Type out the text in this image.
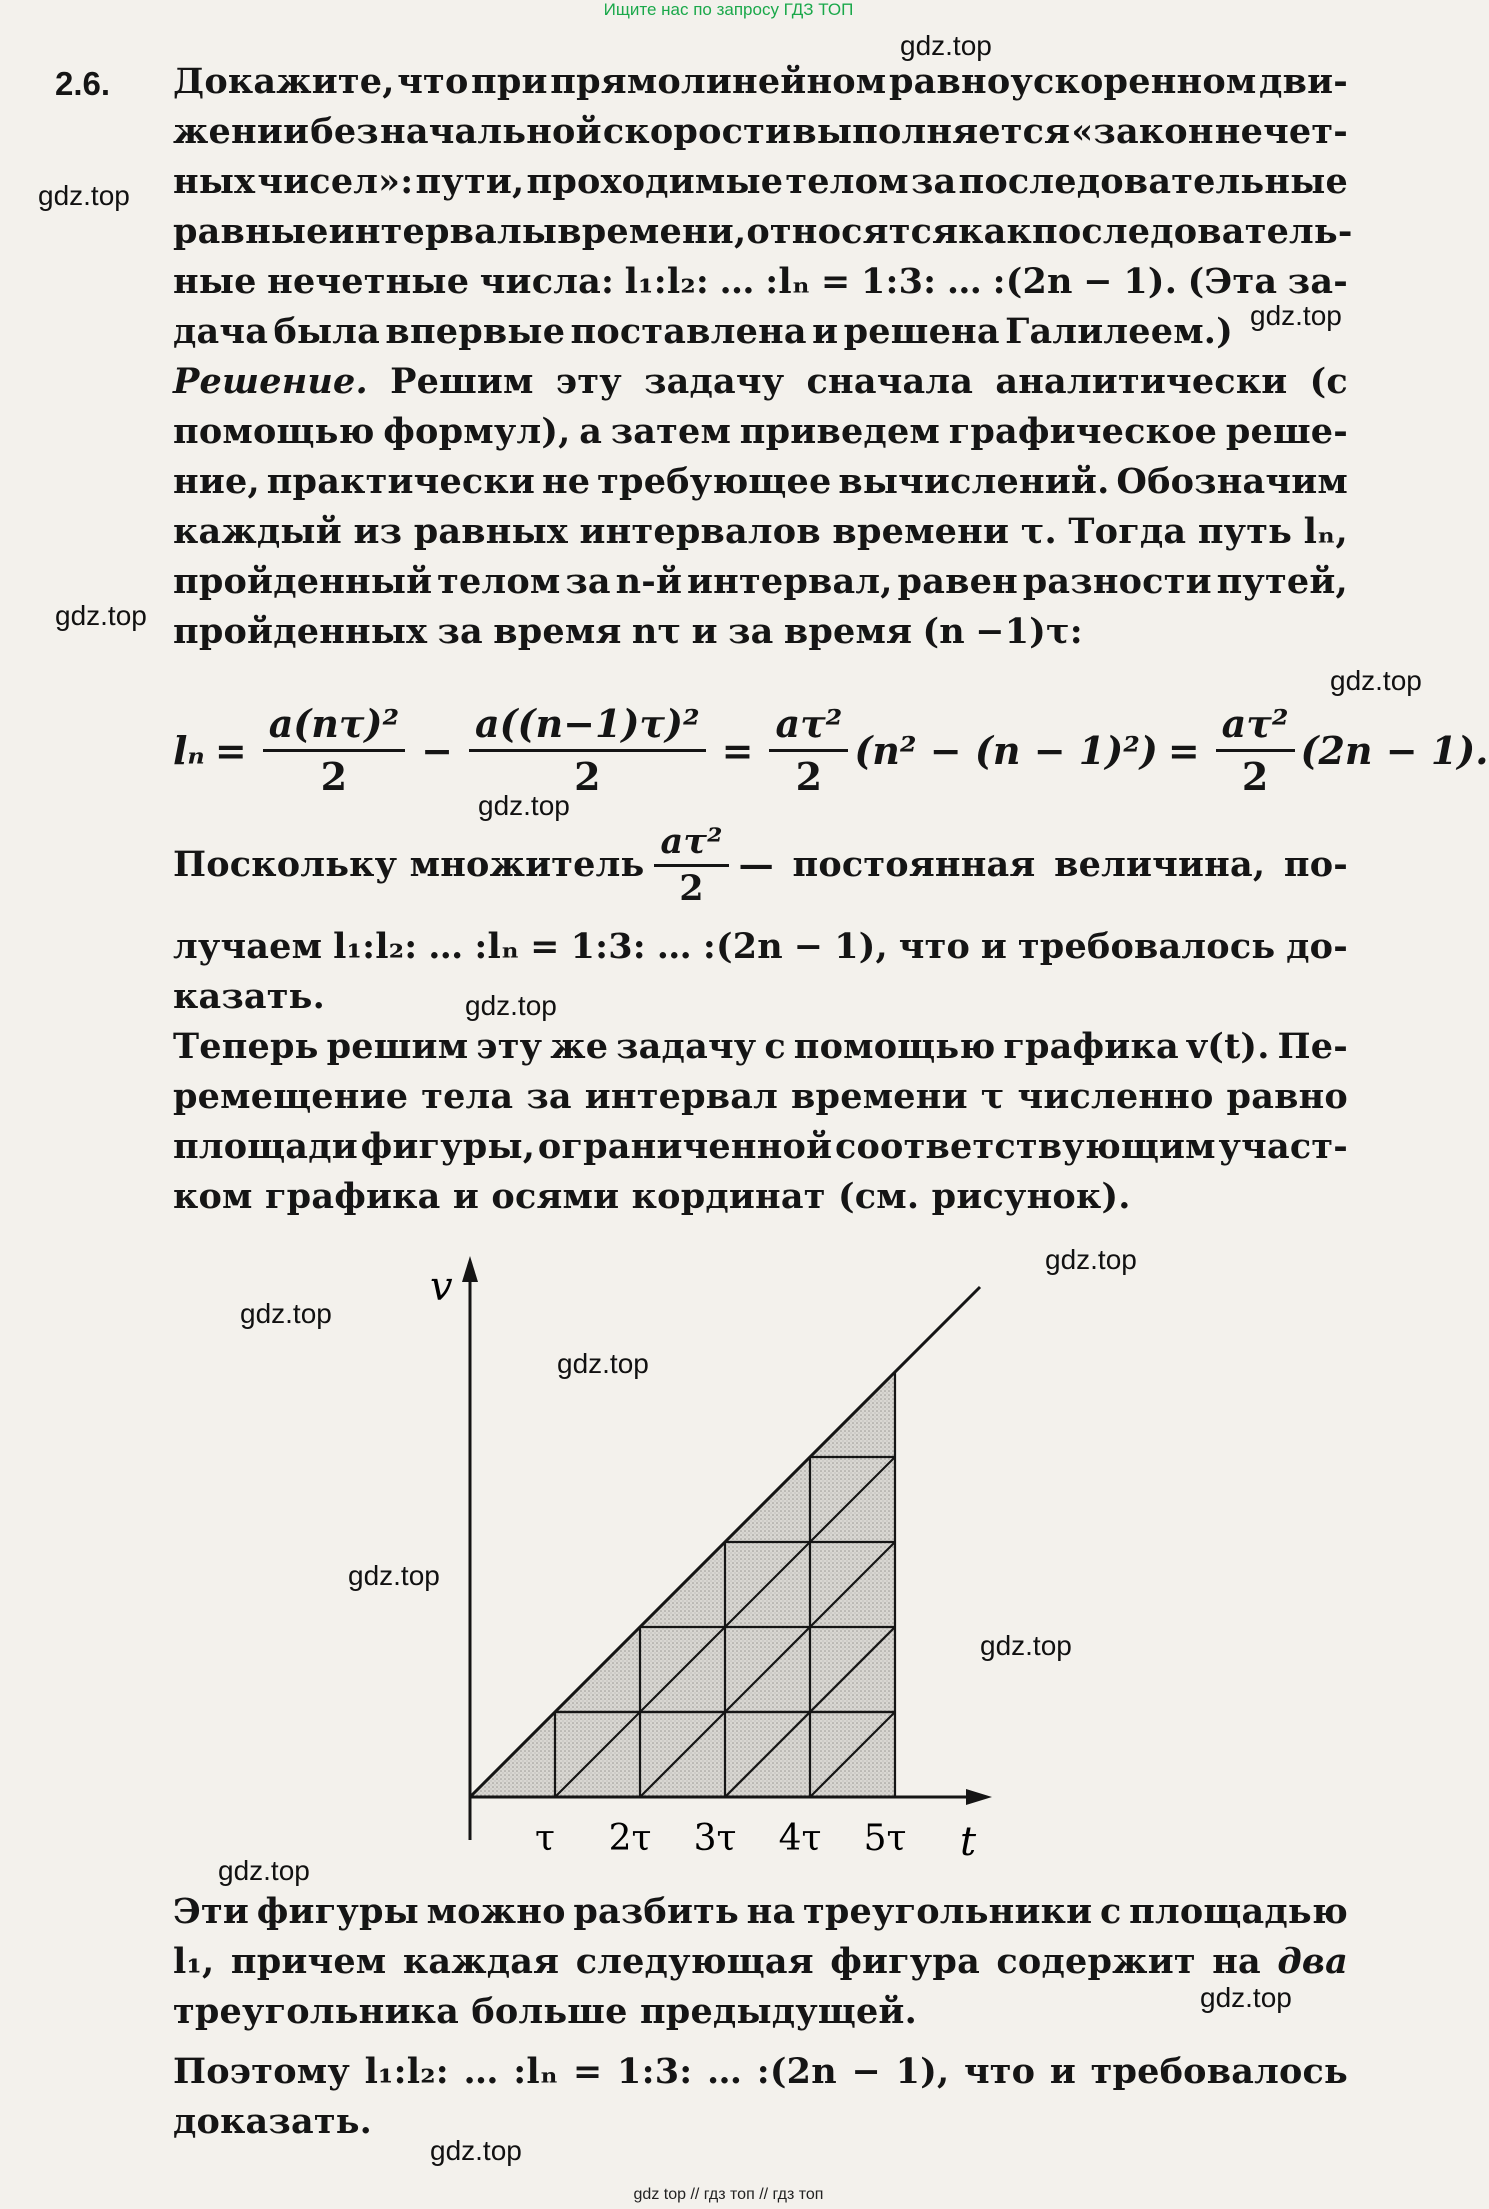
Ищите нас по запросу ГДЗ ТОП
gdz.top
gdz.top
gdz.top
gdz.top
gdz.top
gdz.top
gdz.top
gdz.top
gdz.top
gdz.top
gdz.top
gdz.top
gdz.top
gdz.top
gdz.top
2.6. Докажите, что при прямолинейном равноускоренном дви-
жении без начальной скорости выполняется «закон нечет-
ных чисел»: пути, проходимые телом за последовательные
равные интервалы времени, относятся как последователь-
ные нечетные числа: l₁:l₂: … :lₙ = 1:3: … :(2n − 1). (Эта за-
дача была впервые поставлена и решена Галилеем.)
Решение. Решим эту задачу сначала аналитически (с
помощью формул), а затем приведем графическое реше-
ние, практически не требующее вычислений. Обозначим
каждый из равных интервалов времени τ. Тогда путь lₙ,
пройденный телом за n-й интервал, равен разности путей,
пройденных за время nτ и за время (n −1)τ:
$l_n = \frac{\text{a(nτ)²}}{2} - \frac{\text{a((n−1)τ)²}}{2} = \frac{\text{aτ²}}{2} (n^2 - (n - 1)^2) = \frac{\text{aτ²}}{2} (2n - 1)$.
Поскольку множитель $\frac{\text{aτ²}}{2}$ — постоянная величина, по-
лучаем l₁:l₂: … :lₙ = 1:3: … :(2n − 1), что и требовалось до-
казать.
Теперь решим эту же задачу с помощью графика v(t). Пе-
ремещение тела за интервал времени τ численно равно
площади фигуры, ограниченной соответствующим участ-
ком графика и осями кординат (см. рисунок).
v
t
τ 2τ 3τ 4τ 5τ
Эти фигуры можно разбить на треугольники с площадью
l₁, причем каждая следующая фигура содержит на два
треугольника больше предыдущей.
Поэтому l₁:l₂: … :lₙ = 1:3: … :(2n − 1), что и требовалось
доказать.
gdz top // гдз топ // гдз топ
